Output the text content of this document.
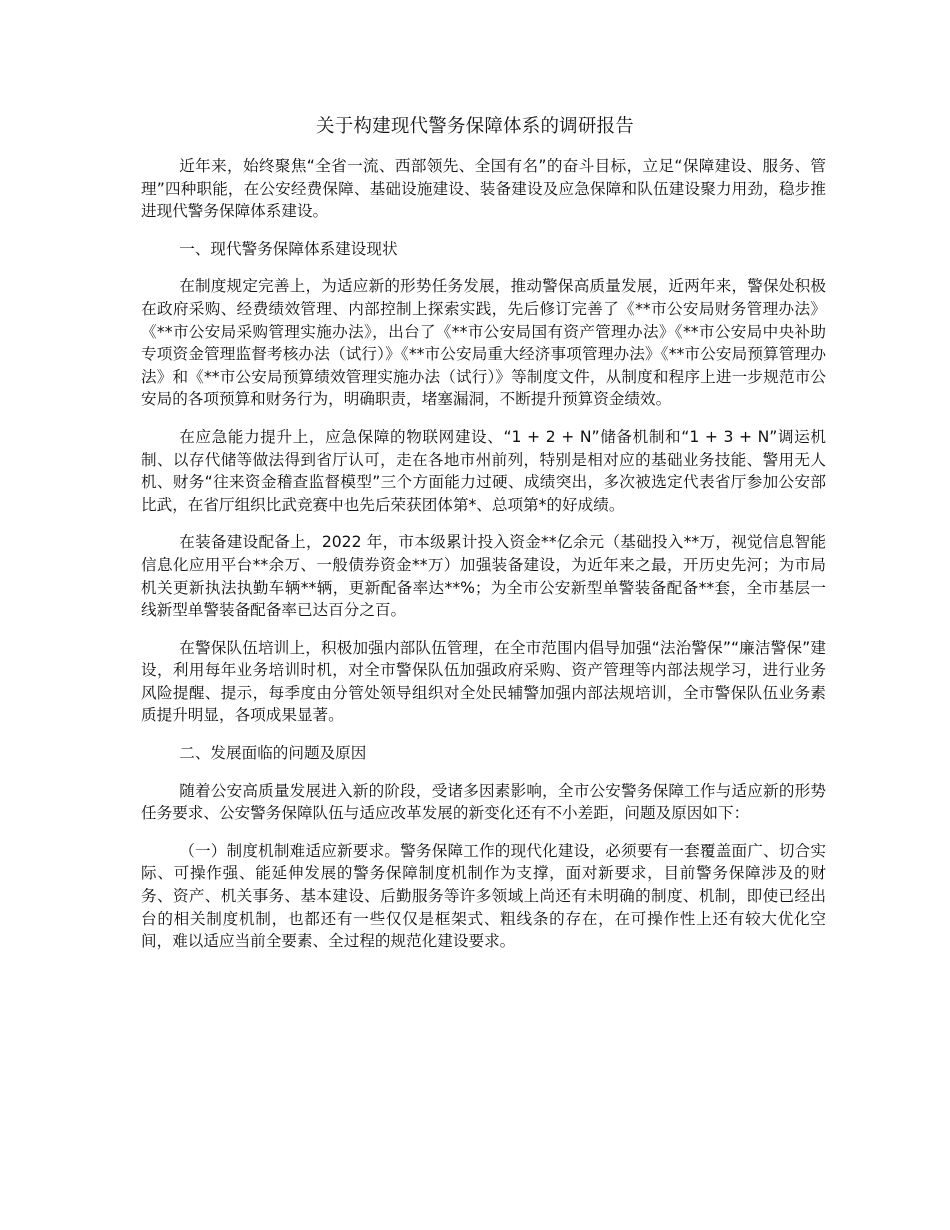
关于构建现代警务保障体系的调研报告

近年来，始终聚焦“全省一流、西部领先、全国有名”的奋斗目标，立足“保障建设、服务、管理”四种职能，在公安经费保障、基础设施建设、装备建设及应急保障和队伍建设聚力用劲，稳步推进现代警务保障体系建设。

一、现代警务保障体系建设现状

在制度规定完善上，为适应新的形势任务发展，推动警保高质量发展，近两年来，警保处积极在政府采购、经费绩效管理、内部控制上探索实践，先后修订完善了《**市公安局财务管理办法》《**市公安局采购管理实施办法》，出台了《**市公安局国有资产管理办法》《**市公安局中央补助专项资金管理监督考核办法（试行）》《**市公安局重大经济事项管理办法》《**市公安局预算管理办法》和《**市公安局预算绩效管理实施办法（试行）》等制度文件，从制度和程序上进一步规范市公安局的各项预算和财务行为，明确职责，堵塞漏洞，不断提升预算资金绩效。

在应急能力提升上，应急保障的物联网建设、“1 + 2 + N”储备机制和“1 + 3 + N”调运机制、以存代储等做法得到省厅认可，走在各地市州前列，特别是相对应的基础业务技能、警用无人机、财务“往来资金稽查监督模型”三个方面能力过硬、成绩突出，多次被选定代表省厅参加公安部比武，在省厅组织比武竞赛中也先后荣获团体第*、总项第*的好成绩。

在装备建设配备上，2022 年，市本级累计投入资金**亿余元（基础投入**万，视觉信息智能信息化应用平台**余万、一般债券资金**万）加强装备建设，为近年来之最，开历史先河；为市局机关更新执法执勤车辆**辆，更新配备率达**%；为全市公安新型单警装备配备**套，全市基层一线新型单警装备配备率已达百分之百。

在警保队伍培训上，积极加强内部队伍管理，在全市范围内倡导加强“法治警保”“廉洁警保”建设，利用每年业务培训时机，对全市警保队伍加强政府采购、资产管理等内部法规学习，进行业务风险提醒、提示，每季度由分管处领导组织对全处民辅警加强内部法规培训，全市警保队伍业务素质提升明显，各项成果显著。

二、发展面临的问题及原因

随着公安高质量发展进入新的阶段，受诸多因素影响，全市公安警务保障工作与适应新的形势任务要求、公安警务保障队伍与适应改革发展的新变化还有不小差距，问题及原因如下：

（一）制度机制难适应新要求。警务保障工作的现代化建设，必须要有一套覆盖面广、切合实际、可操作强、能延伸发展的警务保障制度机制作为支撑，面对新要求，目前警务保障涉及的财务、资产、机关事务、基本建设、后勤服务等许多领域上尚还有未明确的制度、机制，即使已经出台的相关制度机制，也都还有一些仅仅是框架式、粗线条的存在，在可操作性上还有较大优化空间，难以适应当前全要素、全过程的规范化建设要求。
